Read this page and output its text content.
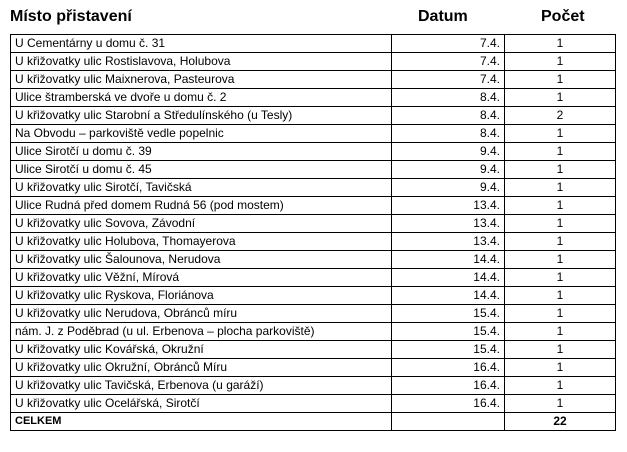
Místo přistavení	Datum	Počet
U Cementárny u domu č. 31	7.4.	1
U křižovatky ulic Rostislavova, Holubova	7.4.	1
U křižovatky ulic Maixnerova, Pasteurova	7.4.	1
Ulice štramberská ve dvoře u domu č. 2	8.4.	1
U křižovatky ulic Starobní a Středulínského (u Tesly)	8.4.	2
Na Obvodu – parkoviště vedle popelnic	8.4.	1
Ulice Sirotčí u domu č. 39	9.4.	1
Ulice Sirotčí u domu č. 45	9.4.	1
U křižovatky ulic Sirotčí, Tavičská	9.4.	1
Ulice Rudná před domem Rudná 56 (pod mostem)	13.4.	1
U křižovatky ulic Sovova, Závodní	13.4.	1
U křižovatky ulic Holubova, Thomayerova	13.4.	1
U křižovatky ulic Šalounova, Nerudova	14.4.	1
U křižovatky ulic Věžní, Mírová	14.4.	1
U křižovatky ulic Ryskova, Floriánova	14.4.	1
U křižovatky ulic Nerudova, Obránců míru	15.4.	1
nám. J. z Poděbrad (u ul. Erbenova – plocha parkoviště)	15.4.	1
U křižovatky ulic Kovářská, Okružní	15.4.	1
U křižovatky ulic Okružní, Obránců Míru	16.4.	1
U křižovatky ulic Tavičská, Erbenova (u garáží)	16.4.	1
U křižovatky ulic Ocelářská, Sirotčí	16.4.	1
CELKEM		22
